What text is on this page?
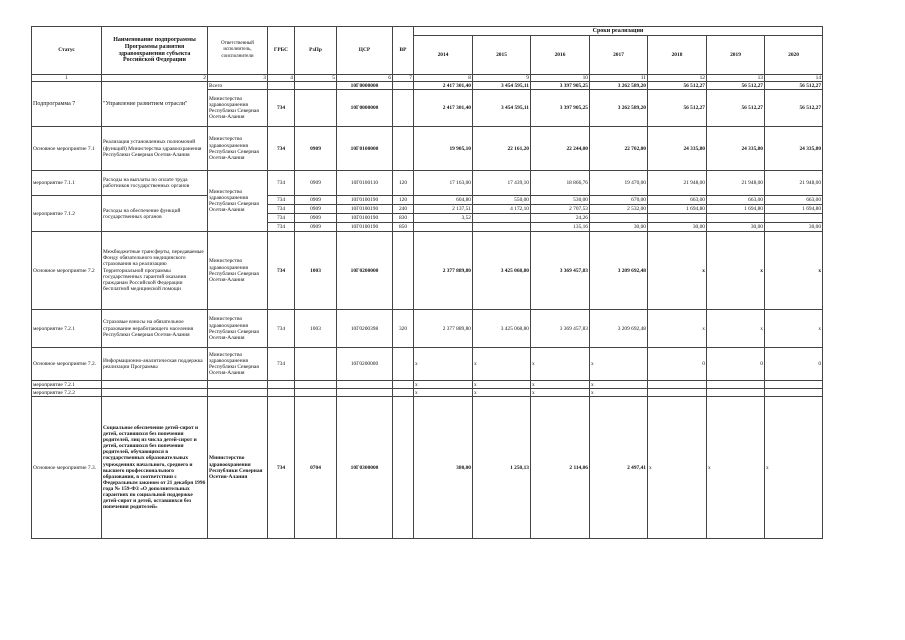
Статус	Наименование подпрограммы Программы развития здравоохранения субъекта Российской Федерации	Ответственный исполнитель, соисполнители	ГРБС	РзПр	ЦСР	ВР	Сроки реализации						
							2014	2015	2016	2017	2018	2019	2020
1	2	3	4	5	6	7	8	9	10	11	12	13	14
Подпрограмма 7	"Управление развитием отрасли"	Всего			10Г0000000		2 417 301,40	3 454 595,11	3 397 905,25	3 262 589,20	56 512,27	56 512,27	56 512,27
		Министерство здравоохранения Республики Северная Осетия-Алания	734		10Г0000000		2 417 301,40	3 454 595,11	3 397 905,25	3 262 589,20	56 512,27	56 512,27	56 512,27
Основное мероприятие 7.1	Реализация установленных полномочий (функций) Министерства здравоохранения Республики Северная Осетия-Алания	Министерство здравоохранения Республики Северная Осетия-Алания	734	0909	10Г0100000		19 905,10	22 161,20	22 244,00	22 702,00	24 335,80	24 335,80	24 335,80
мероприятие 7.1.1	Расходы на выплаты по оплате труда работников государственных органов	Министерство здравоохранения Республики Северная Осетия-Алания	734	0909	10Г0100110	120	17 163,00	17 439,10	18 866,76	19 470,00	21 948,00	21 948,00	21 948,00
мероприятие 7.1.2	Расходы на обеспечение функций государственных органов		734	0909	10Г0100190	120	604,80	550,00	530,00	670,00	663,00	663,00	663,00
			734	0909	10Г0100190	240	2 137,51	4 172,10	2 707,53	2 532,00	1 694,80	1 694,80	1 694,80
			734	0909	10Г0100190	830	3,52		24,26				
			734	0909	10Г0100190	850			135,16	30,00	30,00	30,00	30,00
Основное мероприятие 7.2	Межбюджетные трансферты, передаваемые Фонду обязательного медицинского страхования на реализацию Территориальной программы государственных гарантий оказания гражданам Российской Федерации бесплатной медицинской помощи	Министерство здравоохранения Республики Северная Осетия-Алания	734	1003	10Г0200000		2 377 889,80	3 425 068,80	3 369 457,83	3 209 692,48	х	х	х
мероприятие 7.2.1	Страховые взносы на обязательное страхование неработающего населения Республики Северная Осетия-Алания	Министерство здравоохранения Республики Северная Осетия-Алания	734	1003	10Г0200398	320	2 377 889,80	3 425 068,80	3 369 457,83	3 209 692,48	х	х	х
Основное мероприятие 7.2.	Информационно-аналитическая поддержка реализации Программы	Министерство здравоохранения Республики Северная Осетия-Алания	734		10Г0200000		х	х	х	х	0	0	0
мероприятие 7.2.1							х	х	х	х			
мероприятие 7.2.2							х	х	х	х			
Основное мероприятие 7.3.	Социальное обеспечение детей-сирот и детей, оставшихся без попечения родителей, лиц из числа детей-сирот и детей, оставшихся без попечения родителей, обучающихся в государственных образовательных учреждениях начального, среднего и высшего профессионального образования, в соответствии с Федеральным законом от 21 декабря 1996 года № 159-ФЗ «О дополнительных гарантиях по социальной поддержке детей-сирот и детей, оставшихся без попечения родителей»	Министерство здравоохранения Республики Северная Осетия-Алания	734	0704	10Г0300000		380,00	1 250,13	2 114,06	2 497,41	х	х	х
